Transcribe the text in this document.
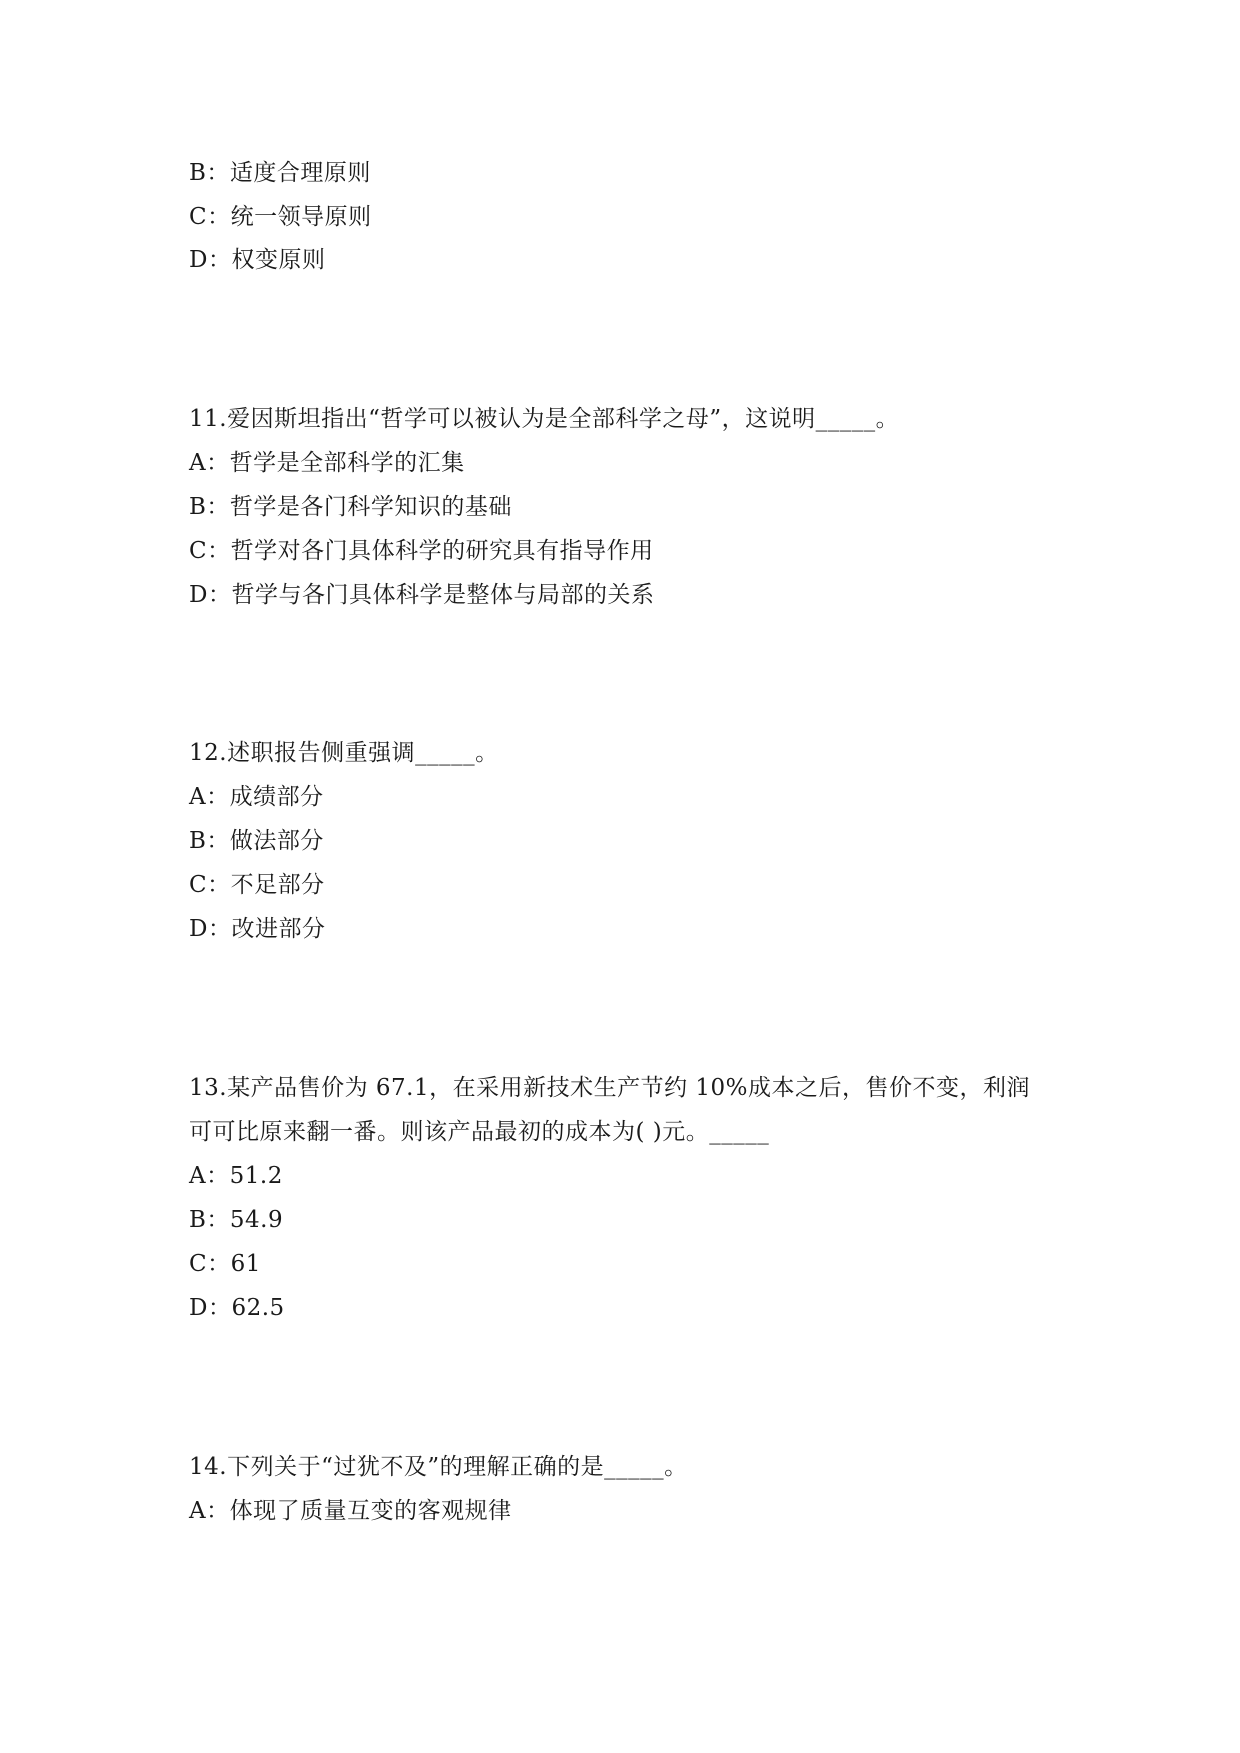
B：适度合理原则

C：统一领导原则

D：权变原则

11.爱因斯坦指出“哲学可以被认为是全部科学之母”，这说明_____。

A：哲学是全部科学的汇集

B：哲学是各门科学知识的基础

C：哲学对各门具体科学的研究具有指导作用

D：哲学与各门具体科学是整体与局部的关系

12.述职报告侧重强调_____。

A：成绩部分

B：做法部分

C：不足部分

D：改进部分

13.某产品售价为 67.1，在采用新技术生产节约 10%成本之后，售价不变，利润

可可比原来翻一番。则该产品最初的成本为( )元。_____

A：51.2

B：54.9

C：61

D：62.5

14.下列关于“过犹不及”的理解正确的是_____。

A：体现了质量互变的客观规律
